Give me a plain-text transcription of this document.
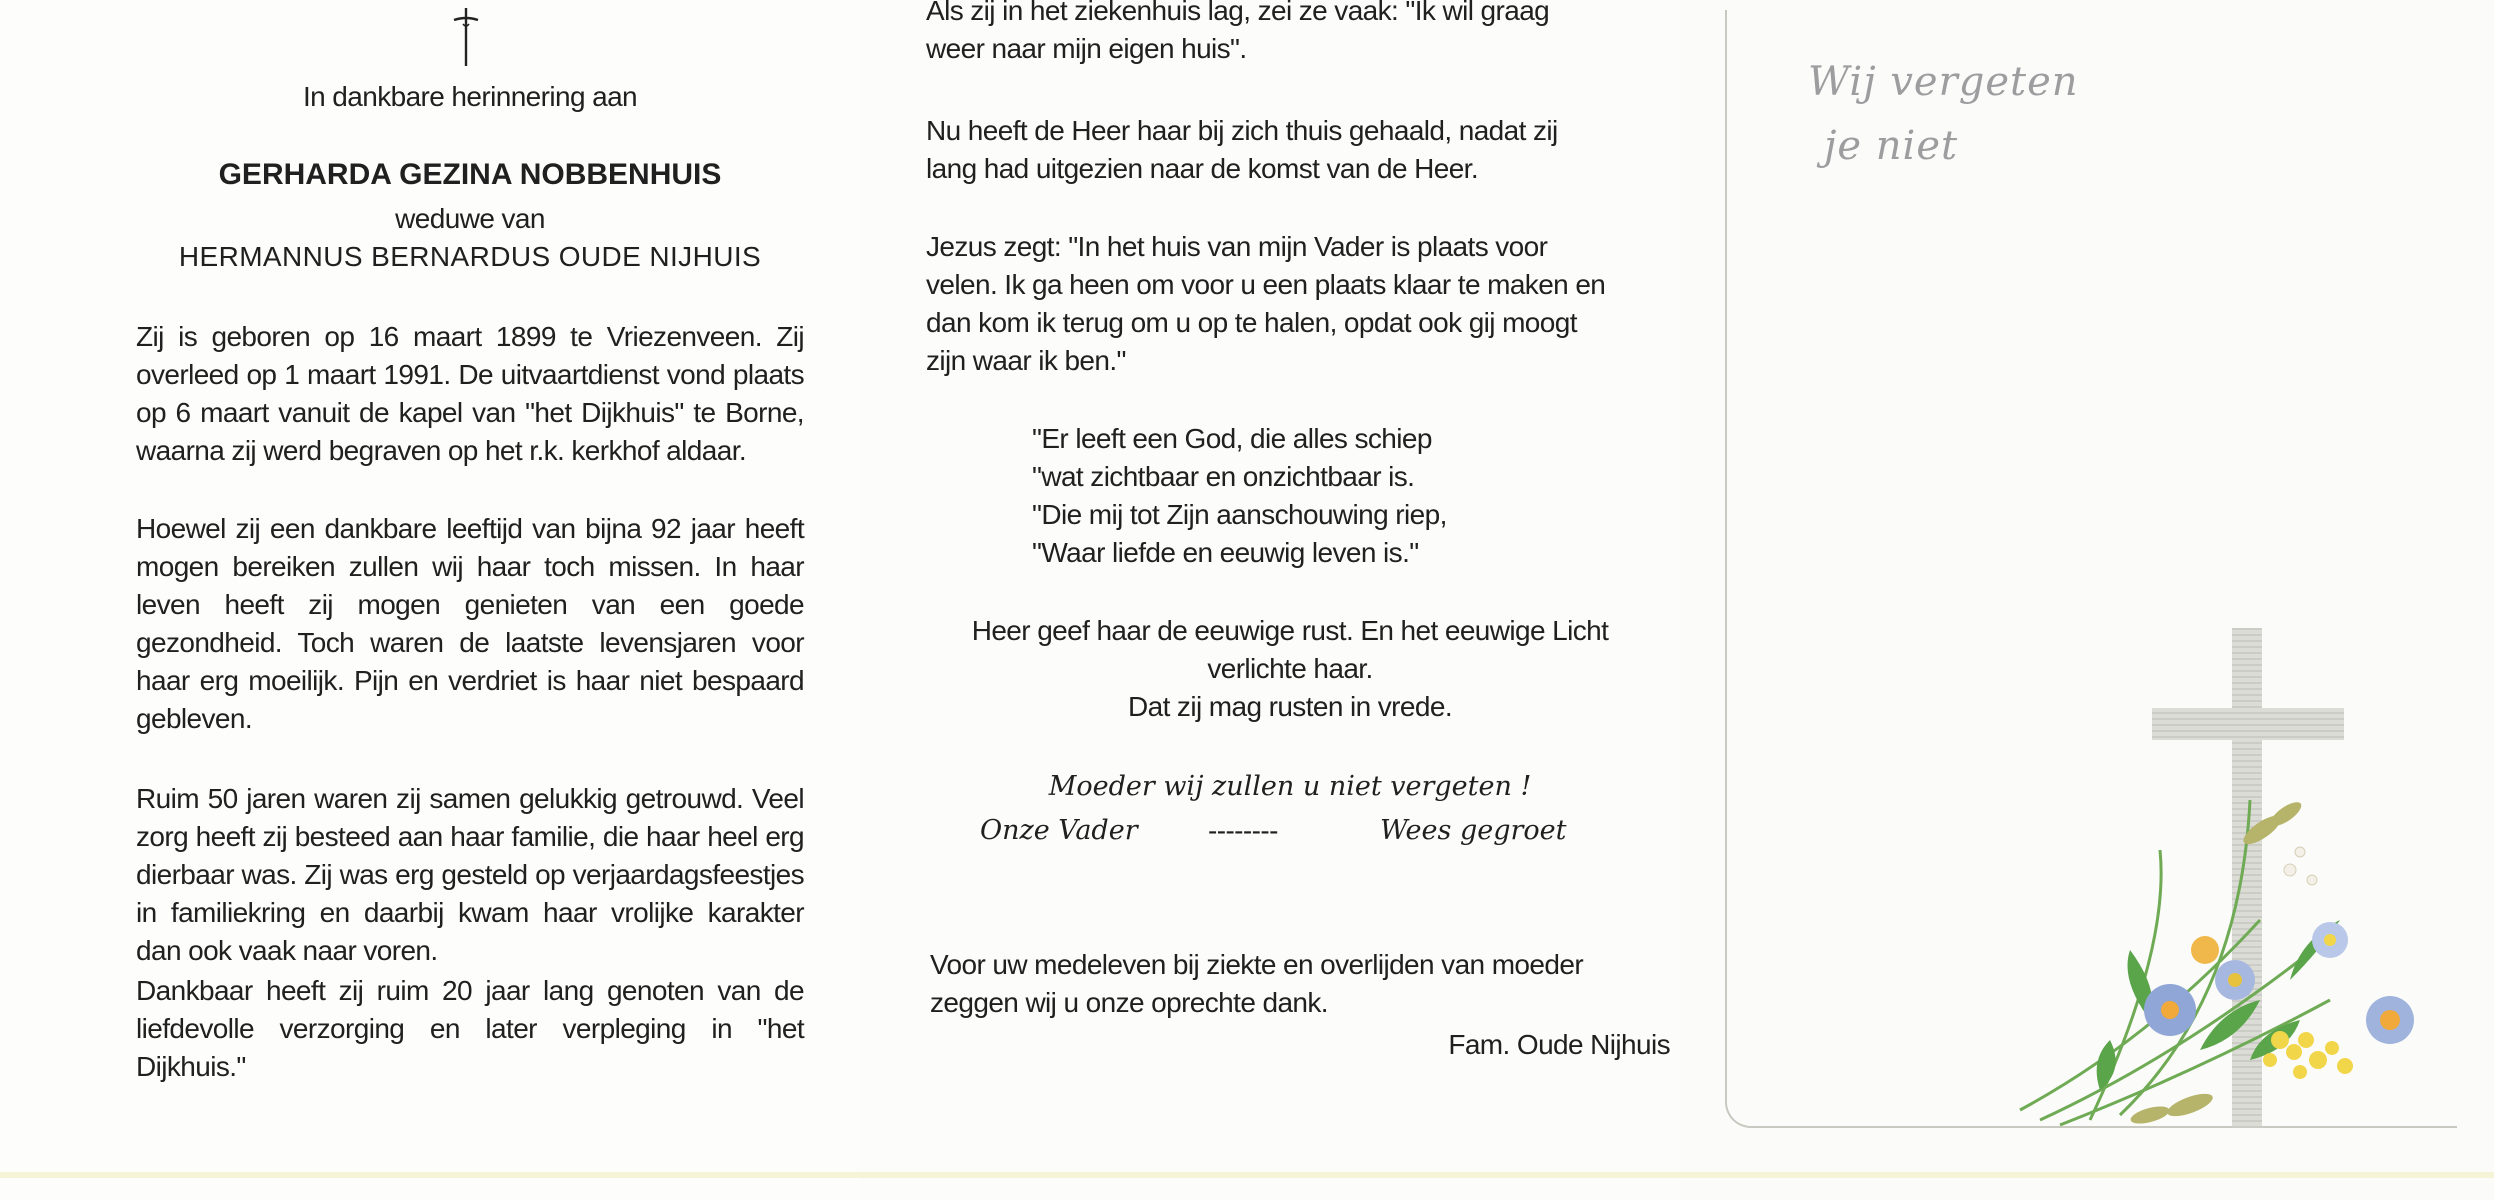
In dankbare herinnering aan
GERHARDA GEZINA NOBBENHUIS
weduwe van
HERMANNUS BERNARDUS OUDE NIJHUIS
Zij is geboren op 16 maart 1899 te Vriezenveen. Zij overleed op 1 maart 1991. De uitvaartdienst vond plaats op 6 maart vanuit de kapel van "het Dijkhuis" te Borne, waarna zij werd begraven op het r.k. kerkhof aldaar.
Hoewel zij een dankbare leeftijd van bijna 92 jaar heeft mogen bereiken zullen wij haar toch missen. In haar leven heeft zij mogen genieten van een goede gezondheid. Toch waren de laatste levensjaren voor haar erg moeilijk. Pijn en verdriet is haar niet bespaard gebleven.
Ruim 50 jaren waren zij samen gelukkig getrouwd. Veel zorg heeft zij besteed aan haar familie, die haar heel erg dierbaar was. Zij was erg gesteld op verjaardagsfeestjes in familiekring en daarbij kwam haar vrolijke karakter dan ook vaak naar voren.
Dankbaar heeft zij ruim 20 jaar lang genoten van de liefdevolle verzorging en later verpleging in "het Dijkhuis."
Als zij in het ziekenhuis lag, zei ze vaak: "Ik wil graag weer naar mijn eigen huis".
Nu heeft de Heer haar bij zich thuis gehaald, nadat zij lang had uitgezien naar de komst van de Heer.
Jezus zegt: "In het huis van mijn Vader is plaats voor velen. Ik ga heen om voor u een plaats klaar te maken en dan kom ik terug om u op te halen, opdat ook gij moogt zijn waar ik ben."
"Er leeft een God, die alles schiep
"wat zichtbaar en onzichtbaar is.
"Die mij tot Zijn aanschouwing riep,
"Waar liefde en eeuwig leven is."
Heer geef haar de eeuwige rust. En het eeuwige Licht
verlichte haar.
Dat zij mag rusten in vrede.
Moeder wij zullen u niet vergeten !
Onze Vader	--------	Wees gegroet
Voor uw medeleven bij ziekte en overlijden van moeder zeggen wij u onze oprechte dank.
Fam. Oude Nijhuis
Wij vergeten
je niet
